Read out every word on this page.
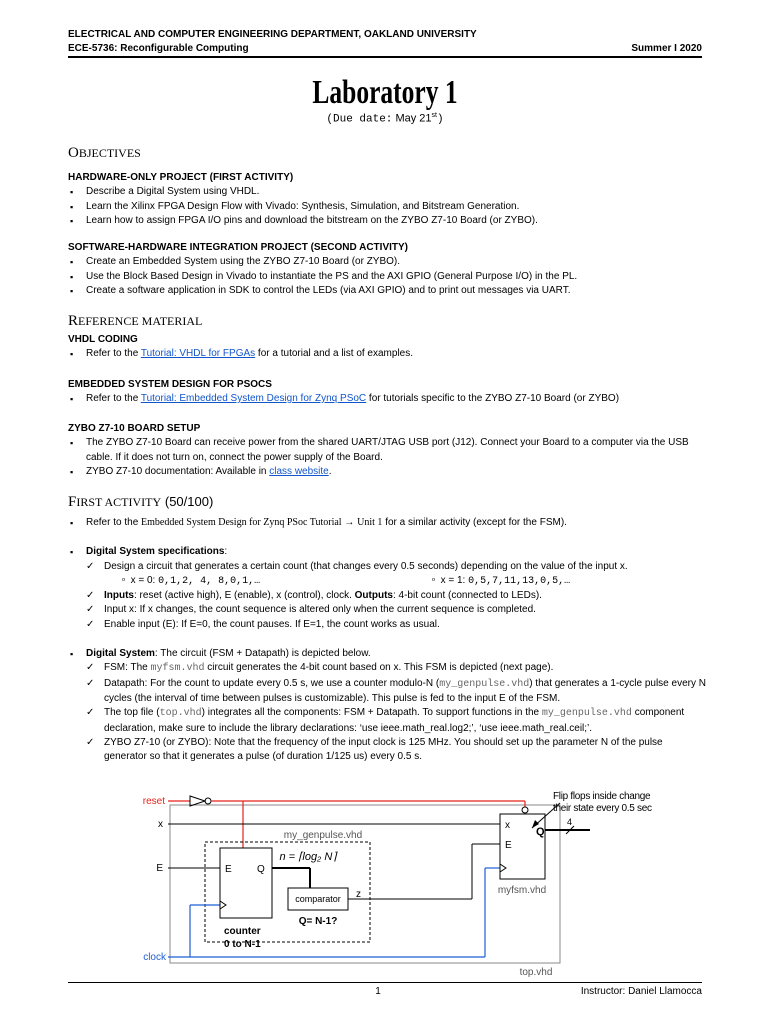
ELECTRICAL AND COMPUTER ENGINEERING DEPARTMENT, OAKLAND UNIVERSITY
ECE-5736: Reconfigurable Computing	Summer I 2020
Laboratory 1
(Due date: May 21st)
OBJECTIVES
HARDWARE-ONLY PROJECT (FIRST ACTIVITY)
▪ Describe a Digital System using VHDL.
▪ Learn the Xilinx FPGA Design Flow with Vivado: Synthesis, Simulation, and Bitstream Generation.
▪ Learn how to assign FPGA I/O pins and download the bitstream on the ZYBO Z7-10 Board (or ZYBO).
SOFTWARE-HARDWARE INTEGRATION PROJECT (SECOND ACTIVITY)
▪ Create an Embedded System using the ZYBO Z7-10 Board (or ZYBO).
▪ Use the Block Based Design in Vivado to instantiate the PS and the AXI GPIO (General Purpose I/O) in the PL.
▪ Create a software application in SDK to control the LEDs (via AXI GPIO) and to print out messages via UART.
REFERENCE MATERIAL
VHDL CODING
▪ Refer to the Tutorial: VHDL for FPGAs for a tutorial and a list of examples.
EMBEDDED SYSTEM DESIGN FOR PSOCS
▪ Refer to the Tutorial: Embedded System Design for Zynq PSoC for tutorials specific to the ZYBO Z7-10 Board (or ZYBO)
ZYBO Z7-10 BOARD SETUP
▪ The ZYBO Z7-10 Board can receive power from the shared UART/JTAG USB port (J12). Connect your Board to a computer via the USB cable. If it does not turn on, connect the power supply of the Board.
▪ ZYBO Z7-10 documentation: Available in class website.
FIRST ACTIVITY (50/100)
▪ Refer to the Embedded System Design for Zynq PSoc Tutorial → Unit 1 for a similar activity (except for the FSM).
▪ Digital System specifications:
✓ Design a circuit that generates a certain count (that changes every 0.5 seconds) depending on the value of the input x.
ᵒ x = 0: 0,1,2, 4, 8,0,1,…	ᵒ x = 1: 0,5,7,11,13,0,5,…
✓ Inputs: reset (active high), E (enable), x (control), clock. Outputs: 4-bit count (connected to LEDs).
✓ Input x: If x changes, the count sequence is altered only when the current sequence is completed.
✓ Enable input (E): If E=0, the count pauses. If E=1, the count works as usual.
▪ Digital System: The circuit (FSM + Datapath) is depicted below.
✓ FSM: The myfsm.vhd circuit generates the 4-bit count based on x. This FSM is depicted (next page).
✓ Datapath: For the count to update every 0.5 s, we use a counter modulo-N (my_genpulse.vhd) that generates a 1-cycle pulse every N cycles (the interval of time between pulses is customizable). This pulse is fed to the input E of the FSM.
✓ The top file (top.vhd) integrates all the components: FSM + Datapath. To support functions in the my_genpulse.vhd component declaration, make sure to include the library declarations: ‘use ieee.math_real.log2;’, ‘use ieee.math_real.ceil;’.
✓ ZYBO Z7-10 (or ZYBO): Note that the frequency of the input clock is 125 MHz. You should set up the parameter N of the pulse generator so that it generates a pulse (of duration 1/125 us) every 0.5 s.
reset
x
my_genpulse.vhd
n = ⌈log₂ N⌉
E	Q
counter
0 to N-1
E
comparator
Q= N-1?
z
x
E
Q
myfsm.vhd
4
Flip flops inside change
their state every 0.5 sec
clock
top.vhd
1	Instructor: Daniel Llamocca
